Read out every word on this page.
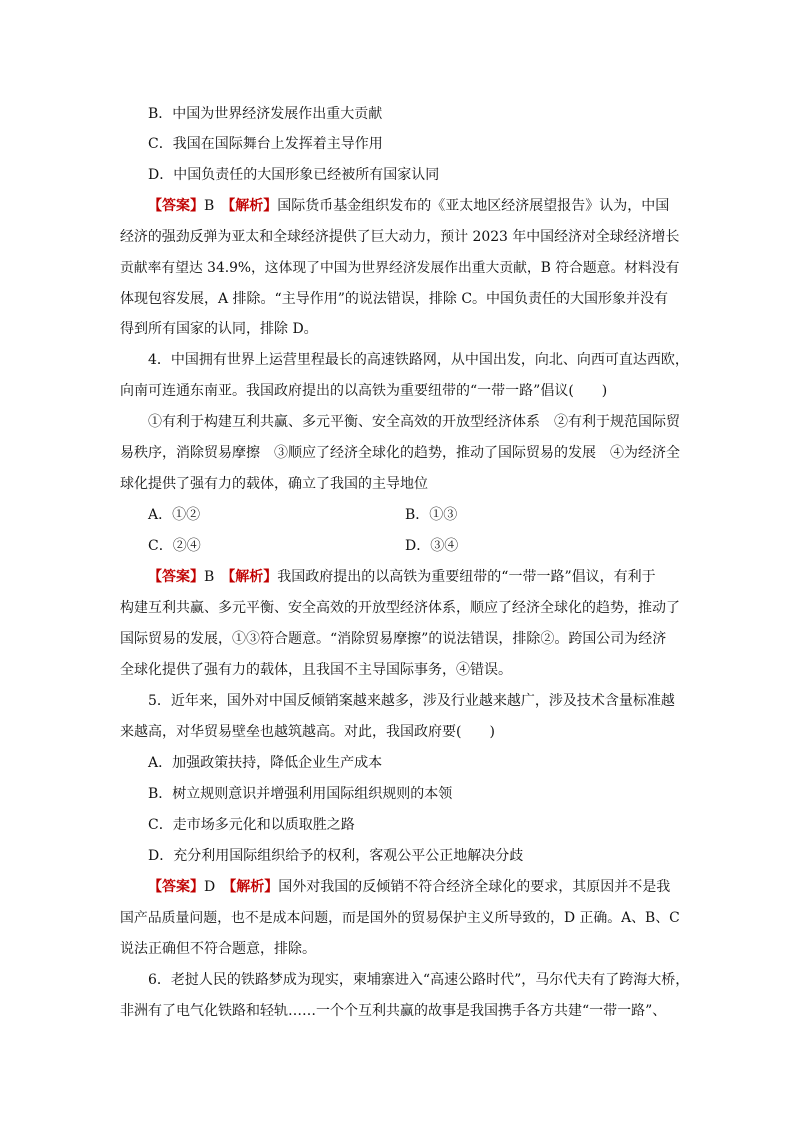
B．中国为世界经济发展作出重大贡献
C．我国在国际舞台上发挥着主导作用
D．中国负责任的大国形象已经被所有国家认同
【答案】B　 【解析】国际货币基金组织发布的《亚太地区经济展望报告》认为，中国
经济的强劲反弹为亚太和全球经济提供了巨大动力，预计 2023 年中国经济对全球经济增长
贡献率有望达 34.9%，这体现了中国为世界经济发展作出重大贡献，B 符合题意。材料没有
体现包容发展，A 排除。“主导作用”的说法错误，排除 C。中国负责任的大国形象并没有
得到所有国家的认同，排除 D。
4．中国拥有世界上运营里程最长的高速铁路网，从中国出发，向北、向西可直达西欧，
向南可连通东南亚。我国政府提出的以高铁为重要纽带的“一带一路”倡议(　　)
①有利于构建互利共赢、多元平衡、安全高效的开放型经济体系　②有利于规范国际贸
易秩序，消除贸易摩擦　③顺应了经济全球化的趋势，推动了国际贸易的发展　④为经济全
球化提供了强有力的载体，确立了我国的主导地位
A．①②	B．①③
C．②④	D．③④
【答案】B　 【解析】我国政府提出的以高铁为重要纽带的“一带一路”倡议，有利于
构建互利共赢、多元平衡、安全高效的开放型经济体系，顺应了经济全球化的趋势，推动了
国际贸易的发展，①③符合题意。“消除贸易摩擦”的说法错误，排除②。跨国公司为经济
全球化提供了强有力的载体，且我国不主导国际事务，④错误。
5．近年来，国外对中国反倾销案越来越多，涉及行业越来越广，涉及技术含量标准越
来越高，对华贸易壁垒也越筑越高。对此，我国政府要(　　)
A．加强政策扶持，降低企业生产成本
B．树立规则意识并增强利用国际组织规则的本领
C．走市场多元化和以质取胜之路
D．充分利用国际组织给予的权利，客观公平公正地解决分歧
【答案】D　 【解析】国外对我国的反倾销不符合经济全球化的要求，其原因并不是我
国产品质量问题，也不是成本问题，而是国外的贸易保护主义所导致的，D 正确。A、B、C
说法正确但不符合题意，排除。
6．老挝人民的铁路梦成为现实，柬埔寨进入“高速公路时代”，马尔代夫有了跨海大桥，
非洲有了电气化铁路和轻轨……一个个互利共赢的故事是我国携手各方共建“一带一路”、
